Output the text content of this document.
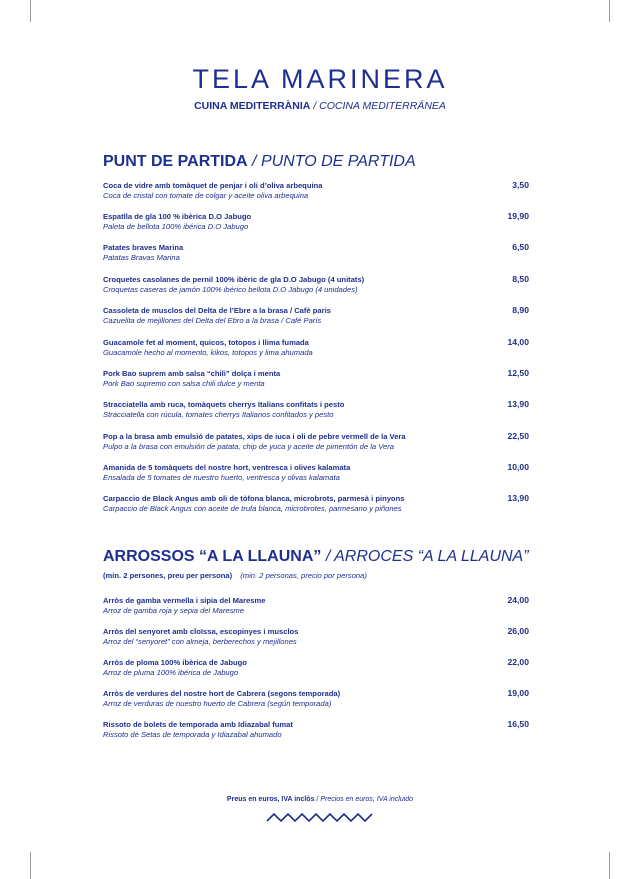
TELA MARINERA
CUINA MEDITERRÀNIA / COCINA MEDITERRÁNEA
PUNT DE PARTIDA / PUNTO DE PARTIDA
Coca de vidre amb tomàquet de penjar i oli d’oliva arbequina
Coca de cristal con tomate de colgar y aceite oliva arbequina
3,50
Espatlla de gla 100 % ibèrica D.O Jabugo
Paleta de bellota 100% ibérica D.O Jabugo
19,90
Patates braves Marina
Patatas Bravas Marina
6,50
Croquetes casolanes de pernil 100% ibèric de gla D.O Jabugo (4 unitats)
Croquetas caseras de jamón 100% ibérico bellota D.O Jabugo (4 unidades)
8,50
Cassoleta de musclos del Delta de l’Ebre a la brasa / Cafè paris
Cazuelita de mejillones del Delta del Ebro a la brasa / Café París
8,90
Guacamole fet al moment, quicos, totopos i llima fumada
Guacamole hecho al momento, kikos, totopos y lima ahumada
14,00
Pork Bao suprem amb salsa “chili” dolça i menta
Pork Bao supremo con salsa chili dulce y menta
12,50
Stracciatella amb ruca, tomàquets cherrys Italians confitats i pesto
Stracciatella con rúcula, tomates cherrys Italianos confitados y pesto
13,90
Pop a la brasa amb emulsió de patates, xips de iuca i oli de pebre vermell de la Vera
Pulpo a la brasa con emulsión de patata, chip de yuca y aceite de pimentón de la Vera
22,50
Amanida de 5 tomàquets del nostre hort, ventresca i olives kalamata
Ensalada de 5 tomates de nuestro huerto, ventresca y olivas kalamata
10,00
Carpaccio de Black Angus amb oli de tòfona blanca, microbrots, parmesà i pinyons
Carpaccio de Black Angus con aceite de trufa blanca, microbrotes, parmesano y piñones
13,90
ARROSSOS “A LA LLAUNA” / ARROCES “A LA LLAUNA”
(min. 2 persones, preu per persona) (min. 2 personas, precio por persona)
Arròs de gamba vermella i sipia del Maresme
Arroz de gamba roja y sepia del Maresme
24,00
Arròs del senyoret amb cloïssa, escopinyes i musclos
Arroz del “senyoret” con almeja, berberechos y mejillones
26,00
Arròs de ploma 100% ibèrica de Jabugo
Arroz de pluma 100% ibérica de Jabugo
22,00
Arròs de verdures del nostre hort de Cabrera (segons temporada)
Arroz de verduras de nuestro huerto de Cabrera (según temporada)
19,00
Rissoto de bolets de temporada amb Idiazabal fumat
Rissoto de Setas de temporada y Idiazabal ahumado
16,50
Preus en euros, IVA inclòs / Precios en euros, IVA incluido
